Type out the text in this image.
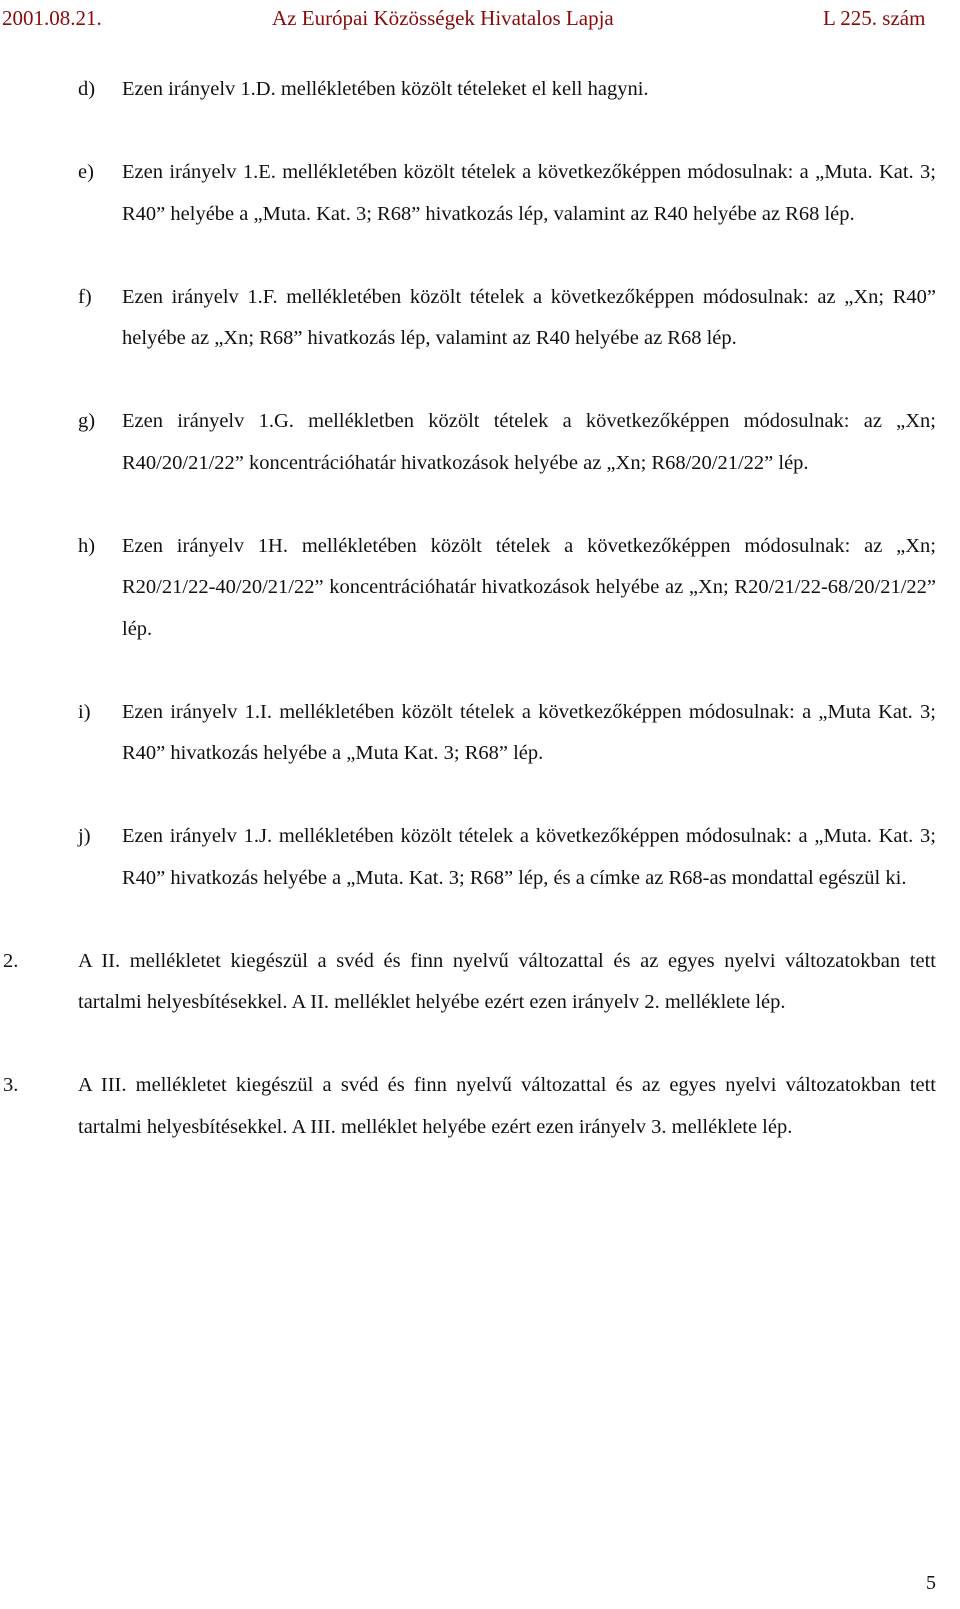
2001.08.21.	Az Európai Közösségek Hivatalos Lapja	L 225. szám
d) Ezen irányelv 1.D. mellékletében közölt tételeket el kell hagyni.
e) Ezen irányelv 1.E. mellékletében közölt tételek a következőképpen módosulnak: a „Muta. Kat. 3; R40” helyébe a „Muta. Kat. 3; R68” hivatkozás lép, valamint az R40 helyébe az R68 lép.
f) Ezen irányelv 1.F. mellékletében közölt tételek a következőképpen módosulnak: az „Xn; R40” helyébe az „Xn; R68” hivatkozás lép, valamint az R40 helyébe az R68 lép.
g) Ezen irányelv 1.G. mellékletben közölt tételek a következőképpen módosulnak: az „Xn; R40/20/21/22” koncentrációhatár hivatkozások helyébe az „Xn; R68/20/21/22” lép.
h) Ezen irányelv 1H. mellékletében közölt tételek a következőképpen módosulnak: az „Xn; R20/21/22-40/20/21/22” koncentrációhatár hivatkozások helyébe az „Xn; R20/21/22-68/20/21/22” lép.
i) Ezen irányelv 1.I. mellékletében közölt tételek a következőképpen módosulnak: a „Muta Kat. 3; R40” hivatkozás helyébe a „Muta Kat. 3; R68” lép.
j) Ezen irányelv 1.J. mellékletében közölt tételek a következőképpen módosulnak: a „Muta. Kat. 3; R40” hivatkozás helyébe a „Muta. Kat. 3; R68” lép, és a címke az R68-as mondattal egészül ki.
2.	A II. mellékletet kiegészül a svéd és finn nyelvű változattal és az egyes nyelvi változatokban tett tartalmi helyesbítésekkel. A II. melléklet helyébe ezért ezen irányelv 2. melléklete lép.
3.	A III. mellékletet kiegészül a svéd és finn nyelvű változattal és az egyes nyelvi változatokban tett tartalmi helyesbítésekkel. A III. melléklet helyébe ezért ezen irányelv 3. melléklete lép.
5
